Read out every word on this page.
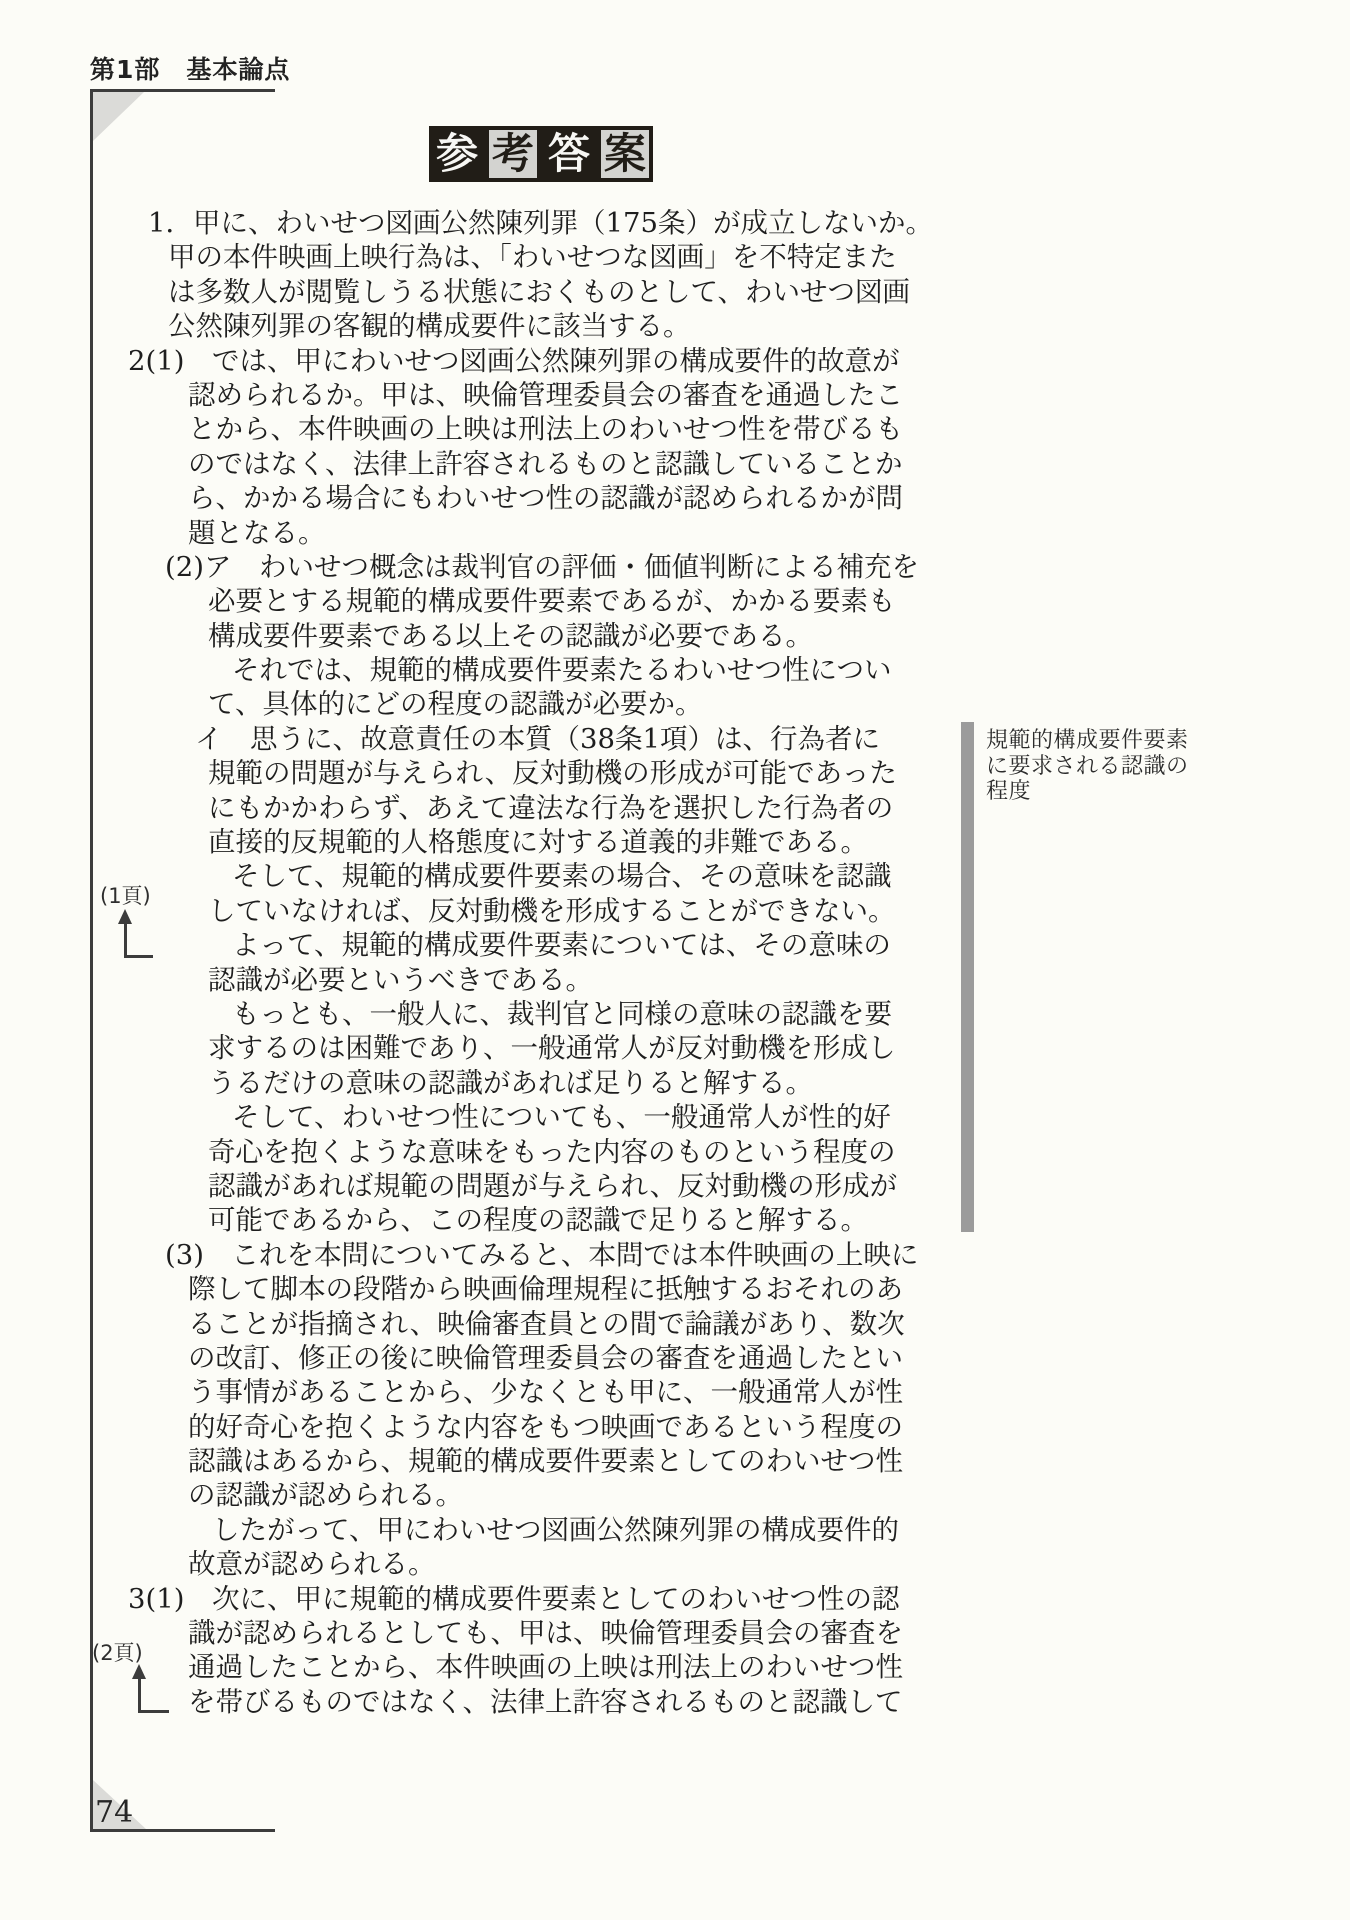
第1部　基本論点
参 考 答 案
1．甲に、わいせつ図画公然陳列罪（175条）が成立しないか。
甲の本件映画上映行為は、「わいせつな図画」を不特定また
は多数人が閲覧しうる状態におくものとして、わいせつ図画
公然陳列罪の客観的構成要件に該当する。
2(1)　では、甲にわいせつ図画公然陳列罪の構成要件的故意が
認められるか。甲は、映倫管理委員会の審査を通過したこ
とから、本件映画の上映は刑法上のわいせつ性を帯びるも
のではなく、法律上許容されるものと認識していることか
ら、かかる場合にもわいせつ性の認識が認められるかが問
題となる。
(2)ア　わいせつ概念は裁判官の評価・価値判断による補充を
必要とする規範的構成要件要素であるが、かかる要素も
構成要件要素である以上その認識が必要である。
それでは、規範的構成要件要素たるわいせつ性につい
て、具体的にどの程度の認識が必要か。
イ　思うに、故意責任の本質（38条1項）は、行為者に
規範の問題が与えられ、反対動機の形成が可能であった
にもかかわらず、あえて違法な行為を選択した行為者の
直接的反規範的人格態度に対する道義的非難である。
そして、規範的構成要件要素の場合、その意味を認識
していなければ、反対動機を形成することができない。
よって、規範的構成要件要素については、その意味の
認識が必要というべきである。
もっとも、一般人に、裁判官と同様の意味の認識を要
求するのは困難であり、一般通常人が反対動機を形成し
うるだけの意味の認識があれば足りると解する。
そして、わいせつ性についても、一般通常人が性的好
奇心を抱くような意味をもった内容のものという程度の
認識があれば規範の問題が与えられ、反対動機の形成が
可能であるから、この程度の認識で足りると解する。
(3)　これを本問についてみると、本問では本件映画の上映に
際して脚本の段階から映画倫理規程に抵触するおそれのあ
ることが指摘され、映倫審査員との間で論議があり、数次
の改訂、修正の後に映倫管理委員会の審査を通過したとい
う事情があることから、少なくとも甲に、一般通常人が性
的好奇心を抱くような内容をもつ映画であるという程度の
認識はあるから、規範的構成要件要素としてのわいせつ性
の認識が認められる。
したがって、甲にわいせつ図画公然陳列罪の構成要件的
故意が認められる。
3(1)　次に、甲に規範的構成要件要素としてのわいせつ性の認
識が認められるとしても、甲は、映倫管理委員会の審査を
通過したことから、本件映画の上映は刑法上のわいせつ性
を帯びるものではなく、法律上許容されるものと認識して
規範的構成要件要素
に要求される認識の
程度
(1頁)
(2頁)
74
